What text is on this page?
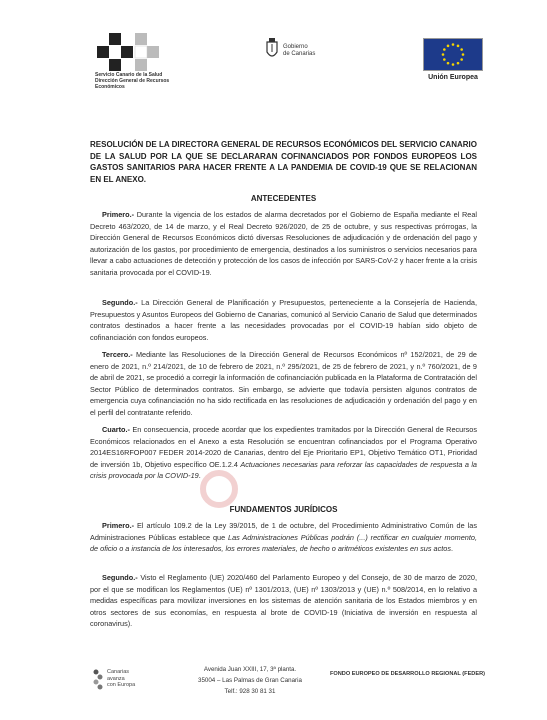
Servicio Canario de la Salud
Dirección General de Recursos
Económicos
Gobierno
de Canarias
Unión Europea
RESOLUCIÓN DE LA DIRECTORA GENERAL DE RECURSOS ECONÓMICOS DEL SERVICIO CANARIO DE LA SALUD POR LA QUE SE DECLARARAN COFINANCIADOS POR FONDOS EUROPEOS LOS GASTOS SANITARIOS PARA HACER FRENTE A LA PANDEMIA DE COVID-19 QUE SE RELACIONAN EN EL ANEXO.
ANTECEDENTES
Primero.- Durante la vigencia de los estados de alarma decretados por el Gobierno de España mediante el Real Decreto 463/2020, de 14 de marzo, y el Real Decreto 926/2020, de 25 de octubre, y sus respectivas prórrogas, la Dirección General de Recursos Económicos dictó diversas Resoluciones de adjudicación y de ordenación del pago y autorización de los gastos, por procedimiento de emergencia, destinados a los suministros o servicios necesarios para llevar a cabo actuaciones de detección y protección de los casos de infección por SARS-CoV-2 y hacer frente a la crisis sanitaria provocada por el COVID-19.
Segundo.- La Dirección General de Planificación y Presupuestos, perteneciente a la Consejería de Hacienda, Presupuestos y Asuntos Europeos del Gobierno de Canarias, comunicó al Servicio Canario de Salud que determinados contratos destinados a hacer frente a las necesidades provocadas por el COVID-19 habían sido objeto de cofinanciación con fondos europeos.
Tercero.- Mediante las Resoluciones de la Dirección General de Recursos Económicos nº 152/2021, de 29 de enero de 2021, n.º 214/2021, de 10 de febrero de 2021, n.º 295/2021, de 25 de febrero de 2021, y n.º 760/2021, de 9 de abril de 2021, se procedió a corregir la información de cofinanciación publicada en la Plataforma de Contratación del Sector Público de determinados contratos. Sin embargo, se advierte que todavía persisten algunos contratos de emergencia cuya cofinanciación no ha sido rectificada en las resoluciones de adjudicación y ordenación del pago y en el perfil del contratante referido.
Cuarto.- En consecuencia, procede acordar que los expedientes tramitados por la Dirección General de Recursos Económicos relacionados en el Anexo a esta Resolución se encuentran cofinanciados por el Programa Operativo 2014ES16RFOP007 FEDER 2014-2020 de Canarias, dentro del Eje Prioritario EP1, Objetivo Temático OT1, Prioridad de inversión 1b, Objetivo específico OE.1.2.4 Actuaciones necesarias para reforzar las capacidades de respuesta a la crisis provocada por la COVID-19.
FUNDAMENTOS JURÍDICOS
Primero.- El artículo 109.2 de la Ley 39/2015, de 1 de octubre, del Procedimiento Administrativo Común de las Administraciones Públicas establece que Las Administraciones Públicas podrán (...) rectificar en cualquier momento, de oficio o a instancia de los interesados, los errores materiales, de hecho o aritméticos existentes en sus actos.
Segundo.- Visto el Reglamento (UE) 2020/460 del Parlamento Europeo y del Consejo, de 30 de marzo de 2020, por el que se modifican los Reglamentos (UE) nº 1301/2013, (UE) nº 1303/2013 y (UE) n.º 508/2014, en lo relativo a medidas específicas para movilizar inversiones en los sistemas de atención sanitaria de los Estados miembros y en otros sectores de sus economías, en respuesta al brote de COVID-19 (Iniciativa de inversión en respuesta al coronavirus).
Canarias
avanza
con Europa
Avenida Juan XXIII, 17, 3ª planta.
35004 – Las Palmas de Gran Canaria
Telf.: 928 30 81 31
FONDO EUROPEO DE DESARROLLO REGIONAL (FEDER)
